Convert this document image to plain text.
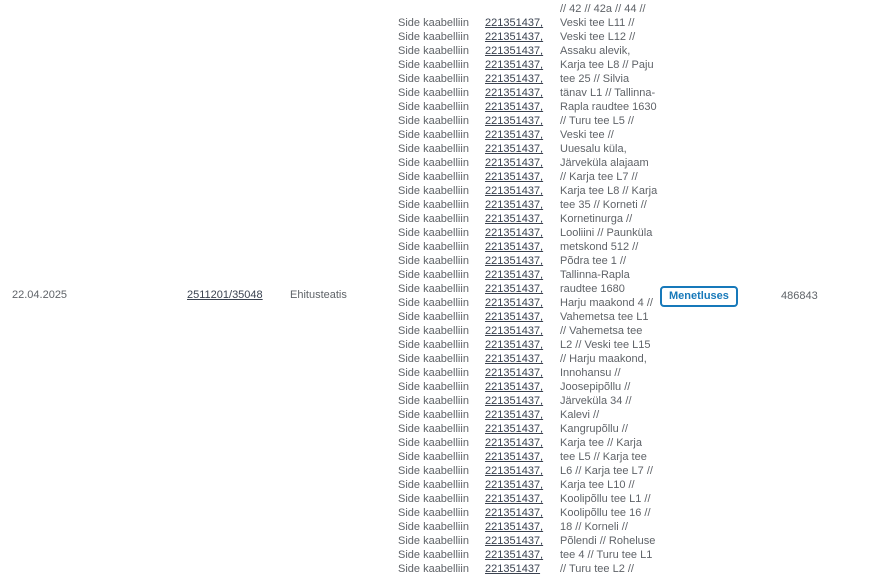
22.04.2025	2511201/35048 Ehitusteatis
Side kaabelliin
Side kaabelliin
Side kaabelliin
Side kaabelliin
Side kaabelliin
Side kaabelliin
Side kaabelliin
Side kaabelliin
Side kaabelliin
Side kaabelliin
Side kaabelliin
Side kaabelliin
Side kaabelliin
Side kaabelliin
Side kaabelliin
Side kaabelliin
Side kaabelliin
Side kaabelliin
Side kaabelliin
Side kaabelliin
Side kaabelliin
Side kaabelliin
Side kaabelliin
Side kaabelliin
Side kaabelliin
Side kaabelliin
Side kaabelliin
Side kaabelliin
Side kaabelliin
Side kaabelliin
Side kaabelliin
Side kaabelliin
Side kaabelliin
Side kaabelliin
Side kaabelliin
Side kaabelliin
Side kaabelliin
Side kaabelliin
Side kaabelliin
Side kaabelliin
221351437,
221351437,
221351437,
221351437,
221351437,
221351437,
221351437,
221351437,
221351437,
221351437,
221351437,
221351437,
221351437,
221351437,
221351437,
221351437,
221351437,
221351437,
221351437,
221351437,
221351437,
221351437,
221351437,
221351437,
221351437,
221351437,
221351437,
221351437,
221351437,
221351437,
221351437,
221351437,
221351437,
221351437,
221351437,
221351437,
221351437,
221351437,
221351437,
221351437
// 42 // 42a // 44 //
Veski tee L11 //
Veski tee L12 //
Assaku alevik,
Karja tee L8 // Paju
tee 25 // Silvia
tänav L1 // Tallinna-
Rapla raudtee 1630
// Turu tee L5 //
Veski tee //
Uuesalu küla,
Järveküla alajaam
// Karja tee L7 //
Karja tee L8 // Karja
tee 35 // Korneti //
Kornetinurga //
Looliini // Paunküla
metskond 512 //
Põdra tee 1 //
Tallinna-Rapla
raudtee 1680
Harju maakond 4 //
Vahemetsa tee L1
// Vahemetsa tee
L2 // Veski tee L15
// Harju maakond,
Innohansu //
Joosepipõllu //
Järveküla 34 //
Kalevi //
Kangrupõllu //
Karja tee // Karja
tee L5 // Karja tee
L6 // Karja tee L7 //
Karja tee L10 //
Koolipõllu tee L1 //
Koolipõllu tee 16 //
18 // Korneli //
Põlendi // Roheluse
tee 4 // Turu tee L1
// Turu tee L2 //
Menetluses	486843
